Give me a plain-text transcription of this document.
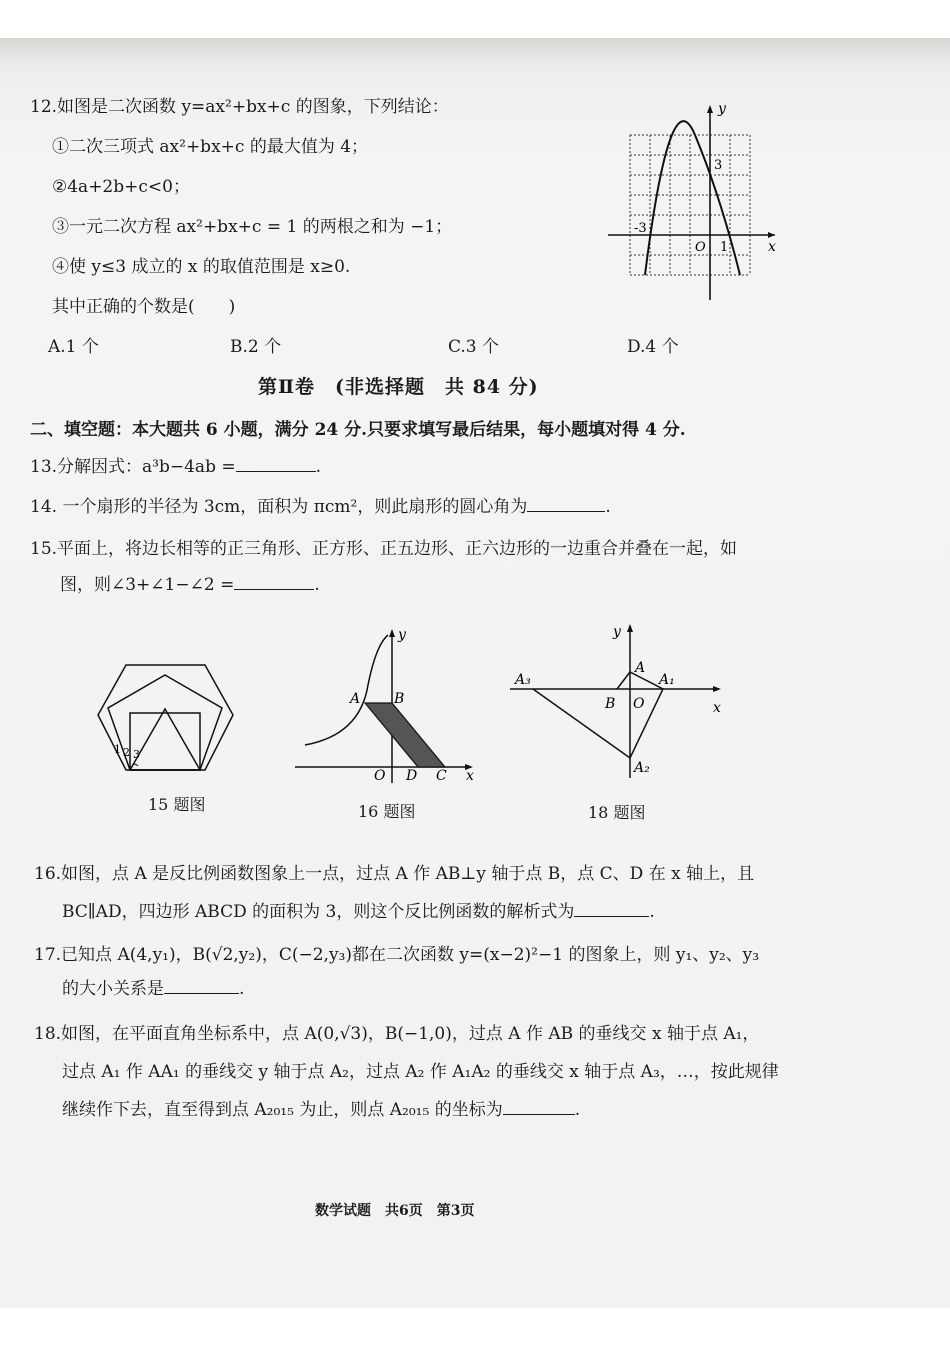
12.如图是二次函数 y=ax²+bx+c 的图象，下列结论：
①二次三项式 ax²+bx+c 的最大值为 4；
②4a+2b+c<0；
③一元二次方程 ax²+bx+c = 1 的两根之和为 −1；
④使 y≤3 成立的 x 的取值范围是 x≥0.
其中正确的个数是(　　)
A.1 个	B.2 个	C.3 个	D.4 个
y
x
3
-3
O 1
第Ⅱ卷　(非选择题　共 84 分)
二、填空题：本大题共 6 小题，满分 24 分.只要求填写最后结果，每小题填对得 4 分.
13.分解因式：a³b−4ab =	.
14. 一个扇形的半径为 3cm，面积为 πcm²，则此扇形的圆心角为	.
15.平面上，将边长相等的正三角形、正方形、正五边形、正六边形的一边重合并叠在一起，如
图，则∠3+∠1−∠2 =	.
1 2 3
15 题图
A B
O D C
y
x
16 题图
A
A₁
A₃
B O
A₂
y
x
18 题图
16.如图，点 A 是反比例函数图象上一点，过点 A 作 AB⊥y 轴于点 B，点 C、D 在 x 轴上，且
BC∥AD，四边形 ABCD 的面积为 3，则这个反比例函数的解析式为	.
17.已知点 A(4,y₁)，B(√2,y₂)，C(−2,y₃)都在二次函数 y=(x−2)²−1 的图象上，则 y₁、y₂、y₃
的大小关系是	.
18.如图，在平面直角坐标系中，点 A(0,√3)，B(−1,0)，过点 A 作 AB 的垂线交 x 轴于点 A₁，
过点 A₁ 作 AA₁ 的垂线交 y 轴于点 A₂，过点 A₂ 作 A₁A₂ 的垂线交 x 轴于点 A₃，…，按此规律
继续作下去，直至得到点 A₂₀₁₅ 为止，则点 A₂₀₁₅ 的坐标为	.
数学试题　共6页　第3页
